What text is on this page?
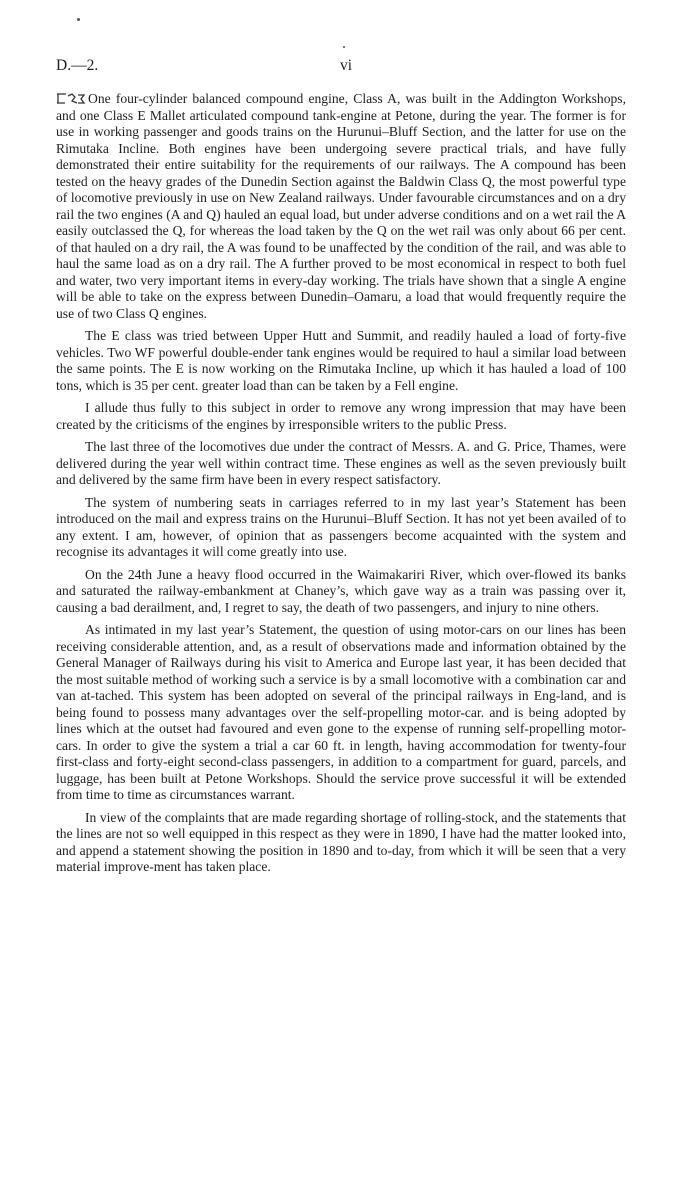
D.—2.	vi

One four-cylinder balanced compound engine, Class A, was built in the Addington Workshops, and one Class E Mallet articulated compound tank-engine at Petone, during the year. The former is for use in working passenger and goods trains on the Hurunui–Bluff Section, and the latter for use on the Rimutaka Incline. Both engines have been undergoing severe practical trials, and have fully demonstrated their entire suitability for the requirements of our railways. The A compound has been tested on the heavy grades of the Dunedin Section against the Baldwin Class Q, the most powerful type of locomotive previously in use on New Zealand railways. Under favourable circumstances and on a dry rail the two engines (A and Q) hauled an equal load, but under adverse conditions and on a wet rail the A easily outclassed the Q, for whereas the load taken by the Q on the wet rail was only about 66 per cent. of that hauled on a dry rail, the A was found to be unaffected by the condition of the rail, and was able to haul the same load as on a dry rail. The A further proved to be most economical in respect to both fuel and water, two very important items in every-day working. The trials have shown that a single A engine will be able to take on the express between Dunedin–Oamaru, a load that would frequently require the use of two Class Q engines.

The E class was tried between Upper Hutt and Summit, and readily hauled a load of forty-five vehicles. Two WF powerful double-ender tank engines would be required to haul a similar load between the same points. The E is now working on the Rimutaka Incline, up which it has hauled a load of 100 tons, which is 35 per cent. greater load than can be taken by a Fell engine.

I allude thus fully to this subject in order to remove any wrong impression that may have been created by the criticisms of the engines by irresponsible writers to the public Press.

The last three of the locomotives due under the contract of Messrs. A. and G. Price, Thames, were delivered during the year well within contract time. These engines as well as the seven previously built and delivered by the same firm have been in every respect satisfactory.

The system of numbering seats in carriages referred to in my last year’s Statement has been introduced on the mail and express trains on the Hurunui–Bluff Section. It has not yet been availed of to any extent. I am, however, of opinion that as passengers become acquainted with the system and recognise its advantages it will come greatly into use.

On the 24th June a heavy flood occurred in the Waimakariri River, which over-flowed its banks and saturated the railway-embankment at Chaney’s, which gave way as a train was passing over it, causing a bad derailment, and, I regret to say, the death of two passengers, and injury to nine others.

As intimated in my last year’s Statement, the question of using motor-cars on our lines has been receiving considerable attention, and, as a result of observations made and information obtained by the General Manager of Railways during his visit to America and Europe last year, it has been decided that the most suitable method of working such a service is by a small locomotive with a combination car and van at-tached. This system has been adopted on several of the principal railways in Eng-land, and is being found to possess many advantages over the self-propelling motor-car. and is being adopted by lines which at the outset had favoured and even gone to the expense of running self-propelling motor-cars. In order to give the system a trial a car 60 ft. in length, having accommodation for twenty-four first-class and forty-eight second-class passengers, in addition to a compartment for guard, parcels, and luggage, has been built at Petone Workshops. Should the service prove successful it will be extended from time to time as circumstances warrant.

In view of the complaints that are made regarding shortage of rolling-stock, and the statements that the lines are not so well equipped in this respect as they were in 1890, I have had the matter looked into, and append a statement showing the position in 1890 and to-day, from which it will be seen that a very material improve-ment has taken place.
